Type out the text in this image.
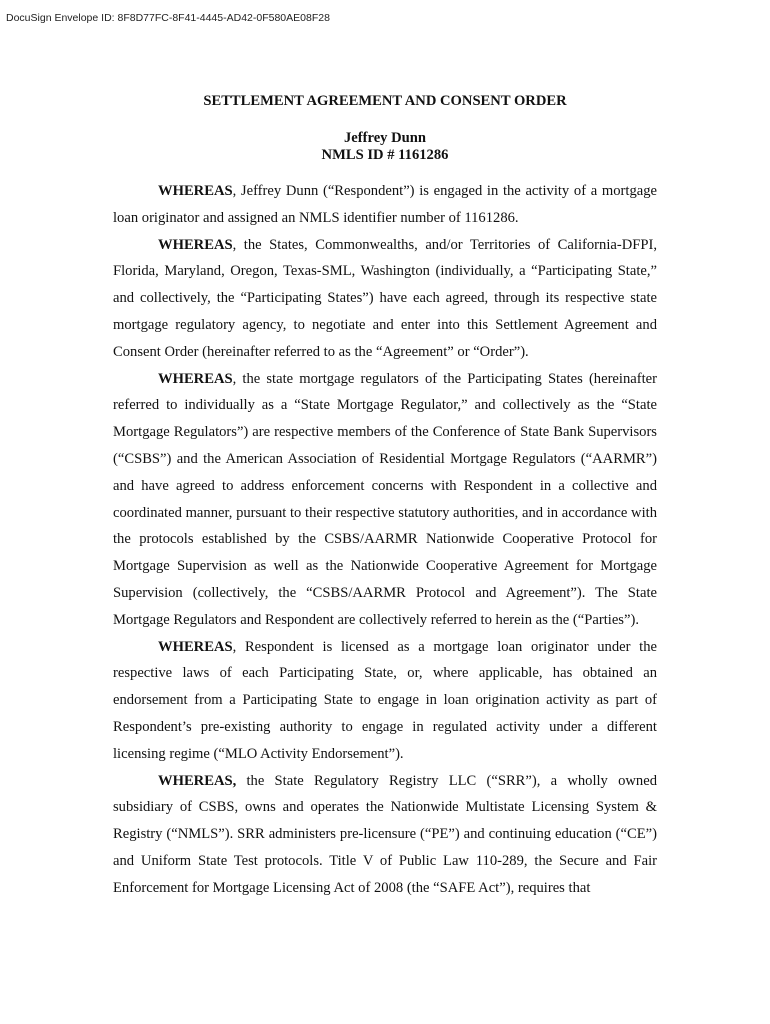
DocuSign Envelope ID: 8F8D77FC-8F41-4445-AD42-0F580AE08F28
SETTLEMENT AGREEMENT AND CONSENT ORDER
Jeffrey Dunn
NMLS ID # 1161286

WHEREAS, Jeffrey Dunn (“Respondent”) is engaged in the activity of a mortgage loan originator and assigned an NMLS identifier number of 1161286.

WHEREAS, the States, Commonwealths, and/or Territories of California-DFPI, Florida, Maryland, Oregon, Texas-SML, Washington (individually, a “Participating State,” and collectively, the “Participating States”) have each agreed, through its respective state mortgage regulatory agency, to negotiate and enter into this Settlement Agreement and Consent Order (hereinafter referred to as the “Agreement” or “Order”).

WHEREAS, the state mortgage regulators of the Participating States (hereinafter referred to individually as a “State Mortgage Regulator,” and collectively as the “State Mortgage Regulators”) are respective members of the Conference of State Bank Supervisors (“CSBS”) and the American Association of Residential Mortgage Regulators (“AARMR”) and have agreed to address enforcement concerns with Respondent in a collective and coordinated manner, pursuant to their respective statutory authorities, and in accordance with the protocols established by the CSBS/AARMR Nationwide Cooperative Protocol for Mortgage Supervision as well as the Nationwide Cooperative Agreement for Mortgage Supervision (collectively, the “CSBS/AARMR Protocol and Agreement”). The State Mortgage Regulators and Respondent are collectively referred to herein as the (“Parties”).

WHEREAS, Respondent is licensed as a mortgage loan originator under the respective laws of each Participating State, or, where applicable, has obtained an endorsement from a Participating State to engage in loan origination activity as part of Respondent’s pre-existing authority to engage in regulated activity under a different licensing regime (“MLO Activity Endorsement”).

WHEREAS, the State Regulatory Registry LLC (“SRR”), a wholly owned subsidiary of CSBS, owns and operates the Nationwide Multistate Licensing System & Registry (“NMLS”). SRR administers pre-licensure (“PE”) and continuing education (“CE”) and Uniform State Test protocols. Title V of Public Law 110-289, the Secure and Fair Enforcement for Mortgage Licensing Act of 2008 (the “SAFE Act”), requires that
